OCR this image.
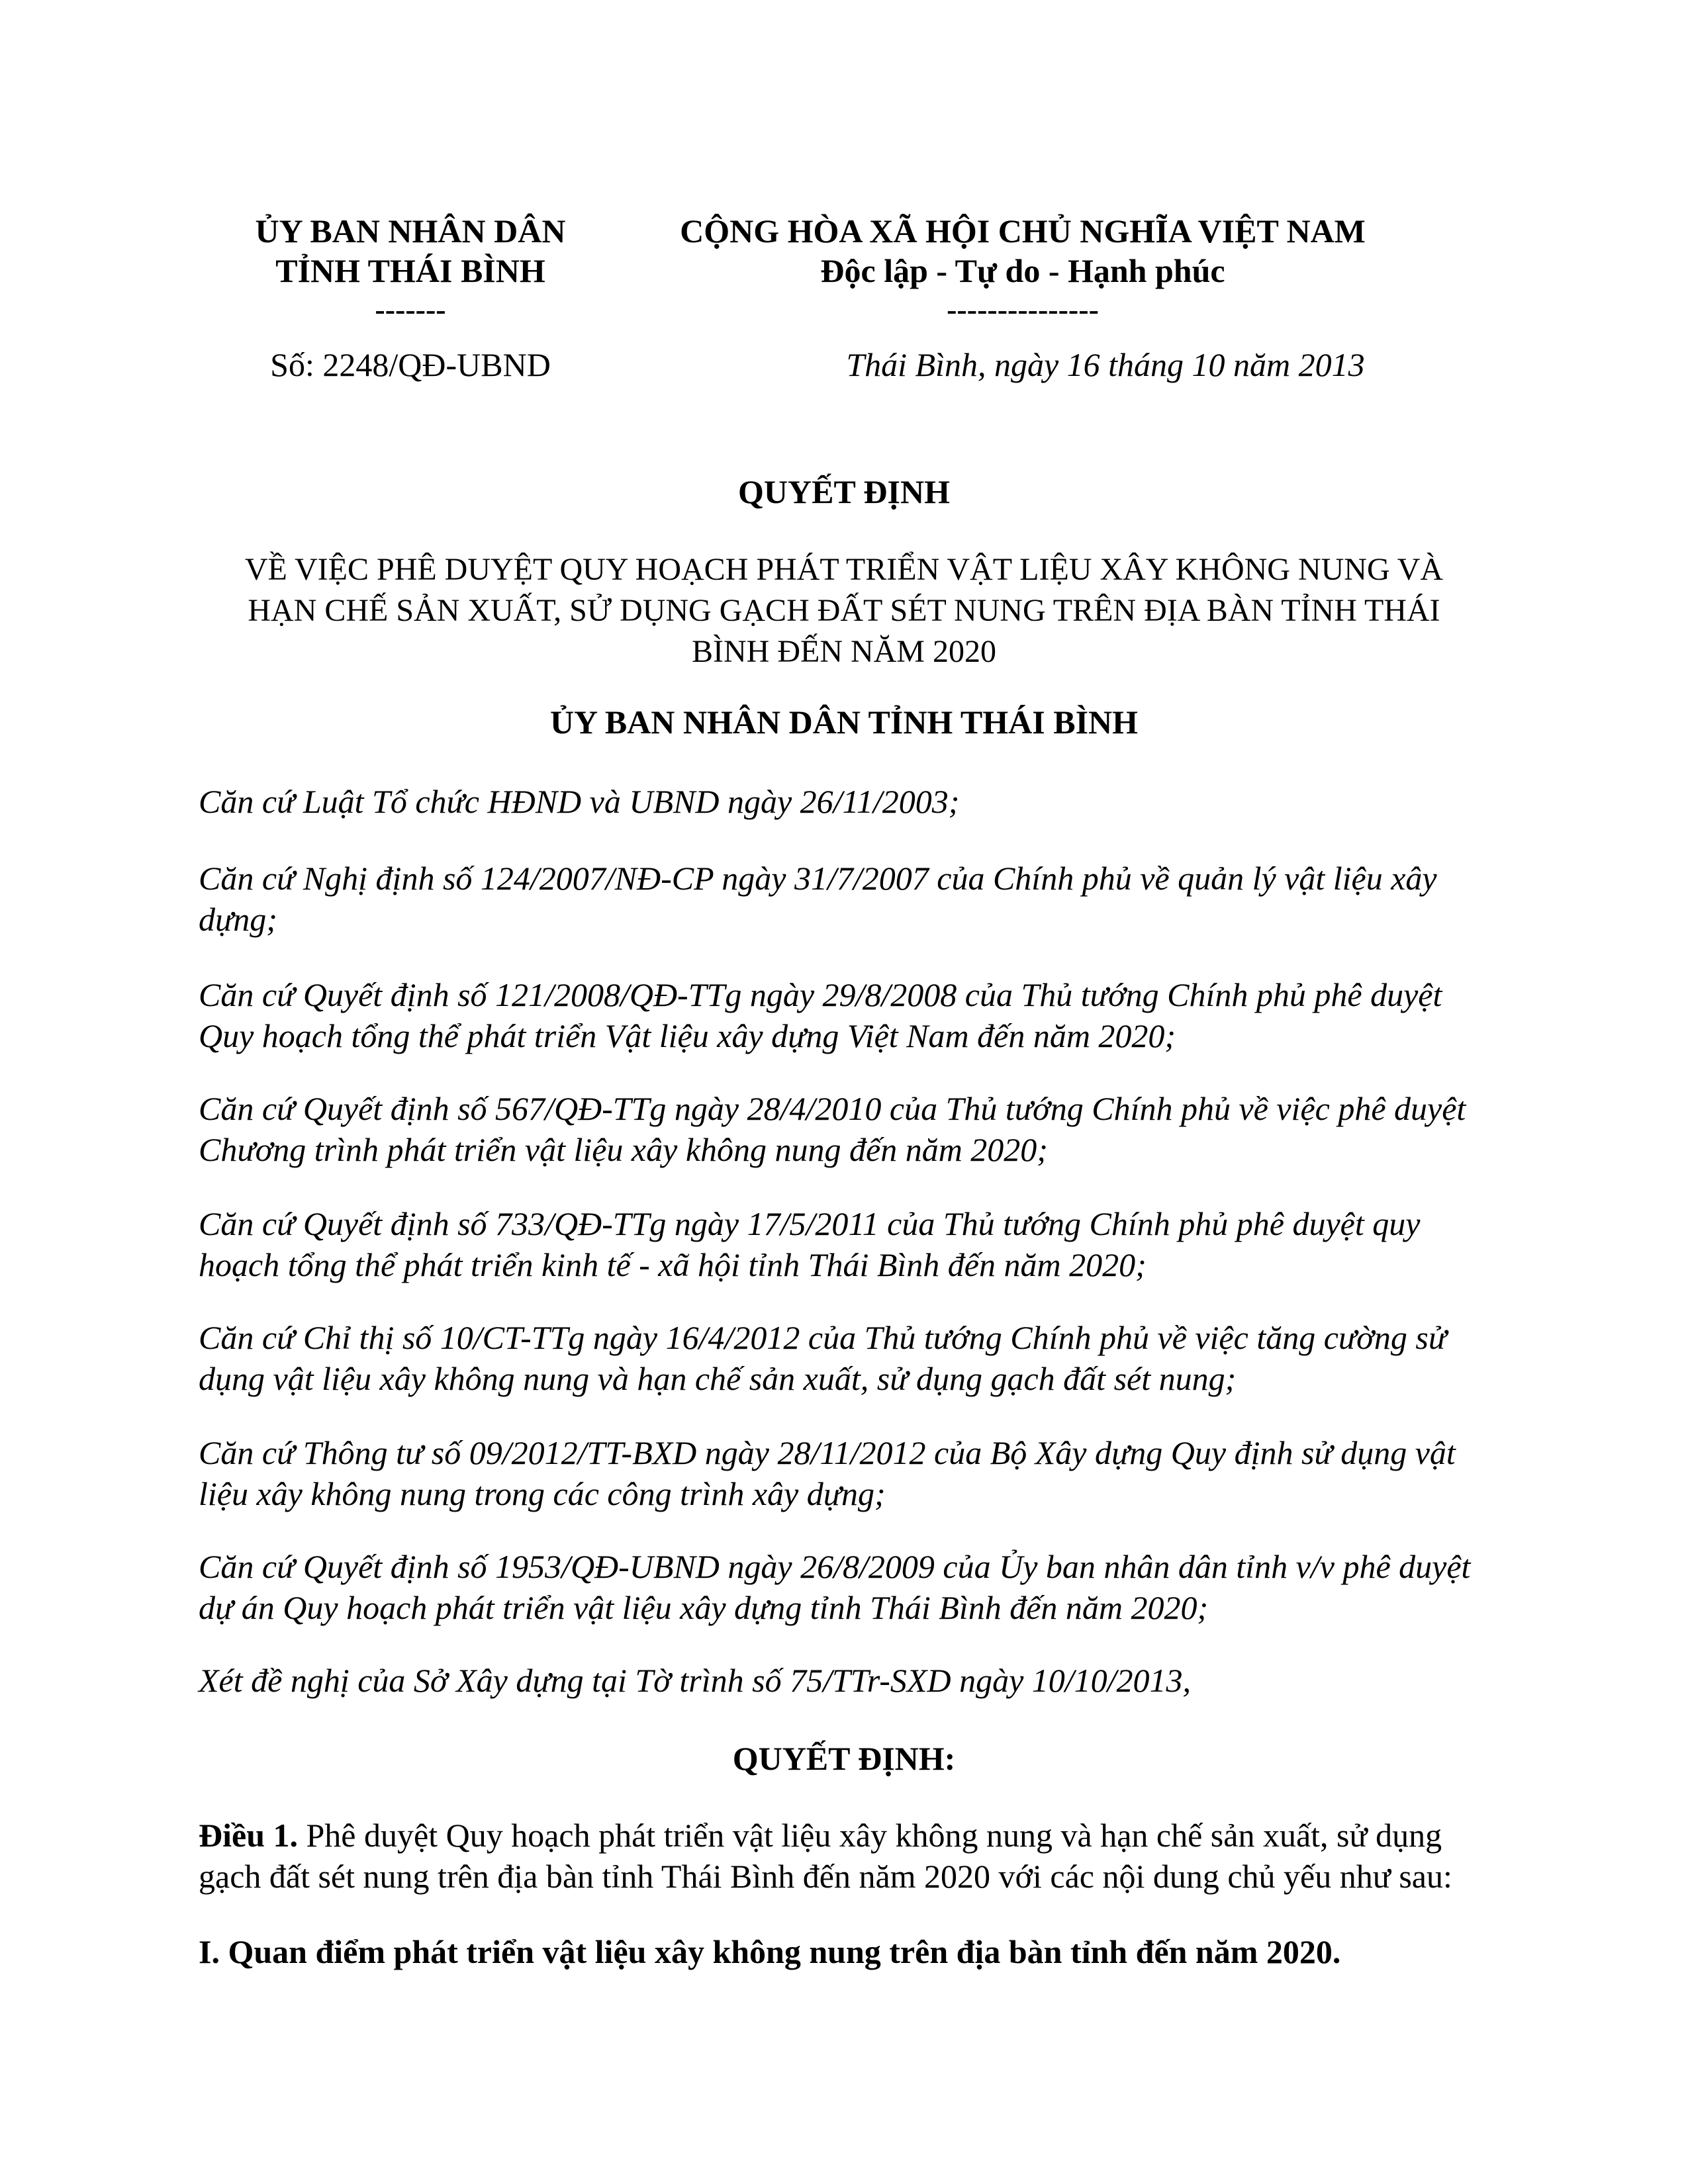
ỦY BAN NHÂN DÂN
TỈNH THÁI BÌNH
-------
Số: 2248/QĐ-UBND
CỘNG HÒA XÃ HỘI CHỦ NGHĨA VIỆT NAM
Độc lập - Tự do - Hạnh phúc
---------------
Thái Bình, ngày 16 tháng 10 năm 2013
QUYẾT ĐỊNH
VỀ VIỆC PHÊ DUYỆT QUY HOẠCH PHÁT TRIỂN VẬT LIỆU XÂY KHÔNG NUNG VÀ
HẠN CHẾ SẢN XUẤT, SỬ DỤNG GẠCH ĐẤT SÉT NUNG TRÊN ĐỊA BÀN TỈNH THÁI
BÌNH ĐẾN NĂM 2020
ỦY BAN NHÂN DÂN TỈNH THÁI BÌNH
Căn cứ Luật Tổ chức HĐND và UBND ngày 26/11/2003;
Căn cứ Nghị định số 124/2007/NĐ-CP ngày 31/7/2007 của Chính phủ về quản lý vật liệu xây dựng;
Căn cứ Quyết định số 121/2008/QĐ-TTg ngày 29/8/2008 của Thủ tướng Chính phủ phê duyệt Quy hoạch tổng thể phát triển Vật liệu xây dựng Việt Nam đến năm 2020;
Căn cứ Quyết định số 567/QĐ-TTg ngày 28/4/2010 của Thủ tướng Chính phủ về việc phê duyệt Chương trình phát triển vật liệu xây không nung đến năm 2020;
Căn cứ Quyết định số 733/QĐ-TTg ngày 17/5/2011 của Thủ tướng Chính phủ phê duyệt quy hoạch tổng thể phát triển kinh tế - xã hội tỉnh Thái Bình đến năm 2020;
Căn cứ Chỉ thị số 10/CT-TTg ngày 16/4/2012 của Thủ tướng Chính phủ về việc tăng cường sử dụng vật liệu xây không nung và hạn chế sản xuất, sử dụng gạch đất sét nung;
Căn cứ Thông tư số 09/2012/TT-BXD ngày 28/11/2012 của Bộ Xây dựng Quy định sử dụng vật liệu xây không nung trong các công trình xây dựng;
Căn cứ Quyết định số 1953/QĐ-UBND ngày 26/8/2009 của Ủy ban nhân dân tỉnh v/v phê duyệt dự án Quy hoạch phát triển vật liệu xây dựng tỉnh Thái Bình đến năm 2020;
Xét đề nghị của Sở Xây dựng tại Tờ trình số 75/TTr-SXD ngày 10/10/2013,
QUYẾT ĐỊNH:
Điều 1. Phê duyệt Quy hoạch phát triển vật liệu xây không nung và hạn chế sản xuất, sử dụng gạch đất sét nung trên địa bàn tỉnh Thái Bình đến năm 2020 với các nội dung chủ yếu như sau:
I. Quan điểm phát triển vật liệu xây không nung trên địa bàn tỉnh đến năm 2020.
